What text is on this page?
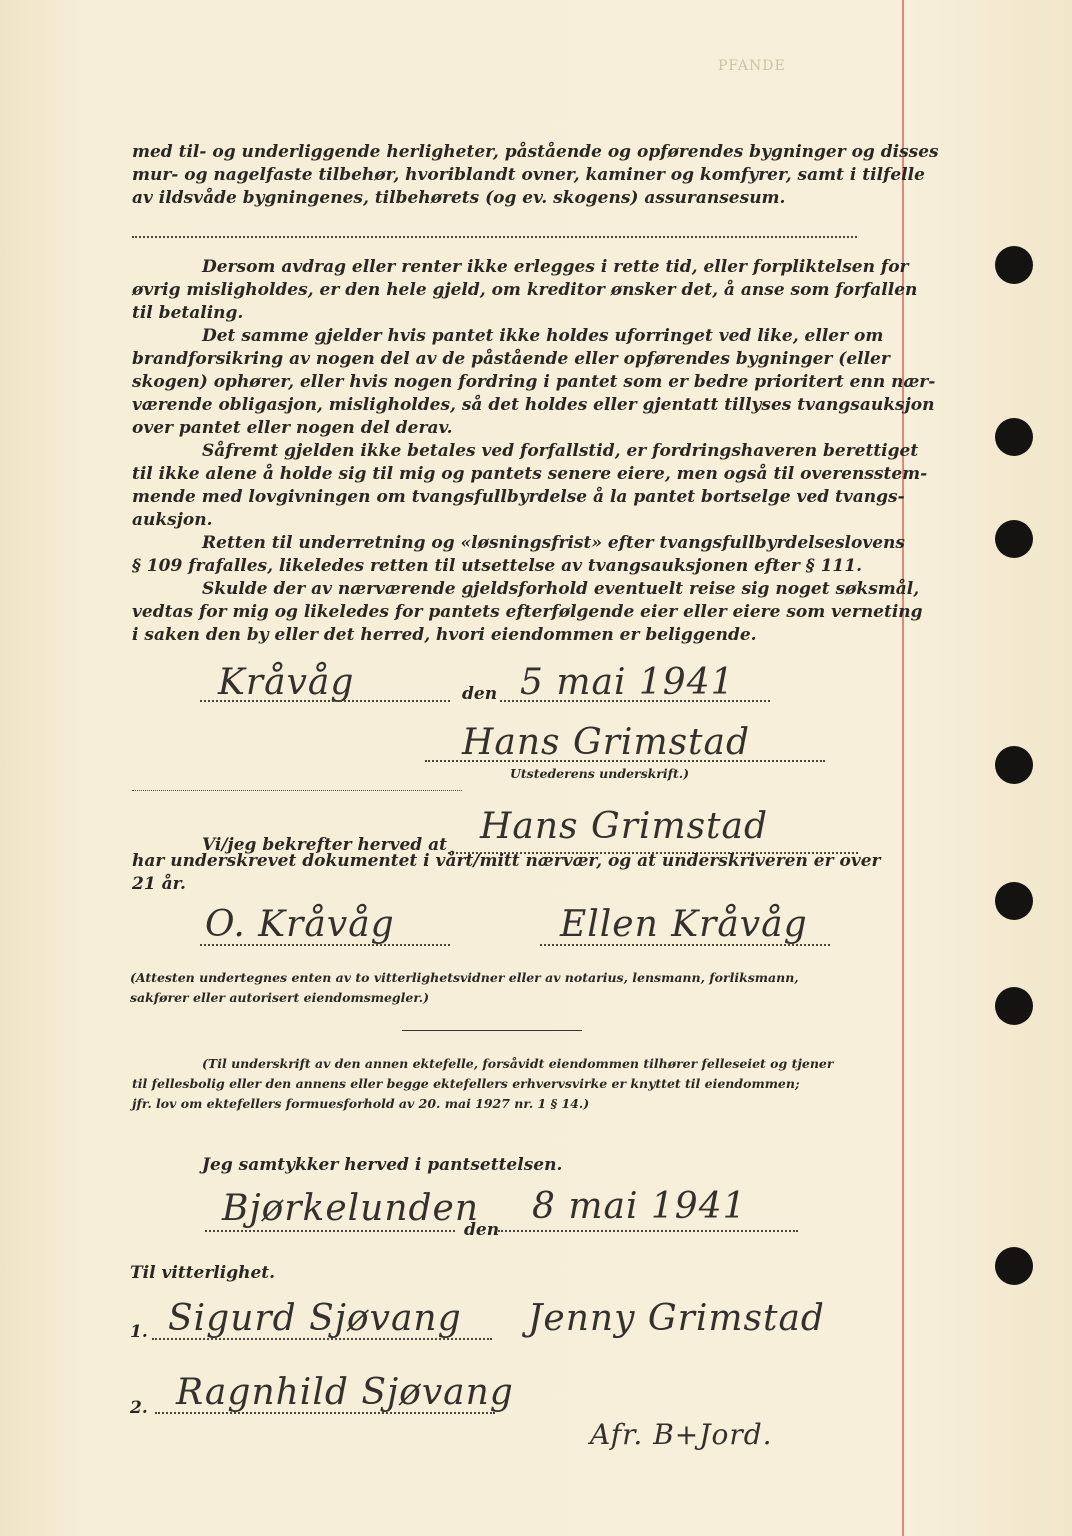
PFANDE
med til- og underliggende herligheter, påstående og opførendes bygninger og disses
mur- og nagelfaste tilbehør, hvoriblandt ovner, kaminer og komfyrer, samt i tilfelle
av ildsvåde bygningenes, tilbehørets (og ev. skogens) assuransesum.
Dersom avdrag eller renter ikke erlegges i rette tid, eller forpliktelsen for
øvrig misligholdes, er den hele gjeld, om kreditor ønsker det, å anse som forfallen
til betaling.
Det samme gjelder hvis pantet ikke holdes uforringet ved like, eller om
brandforsikring av nogen del av de påstående eller opførendes bygninger (eller
skogen) ophører, eller hvis nogen fordring i pantet som er bedre prioritert enn nær-
værende obligasjon, misligholdes, så det holdes eller gjentatt tillyses tvangsauksjon
over pantet eller nogen del derav.
Såfremt gjelden ikke betales ved forfallstid, er fordringshaveren berettiget
til ikke alene å holde sig til mig og pantets senere eiere, men også til overensstem-
mende med lovgivningen om tvangsfullbyrdelse å la pantet bortselge ved tvangs-
auksjon.
Retten til underretning og «løsningsfrist» efter tvangsfullbyrdelseslovens
§ 109 frafalles, likeledes retten til utsettelse av tvangsauksjonen efter § 111.
Skulde der av nærværende gjeldsforhold eventuelt reise sig noget søksmål,
vedtas for mig og likeledes for pantets efterfølgende eier eller eiere som verneting
i saken den by eller det herred, hvori eiendommen er beliggende.
Kråvåg	den 5 mai 1941
Hans Grimstad
Utstederens underskrift.)
Vi/jeg bekrefter herved at Hans Grimstad
har underskrevet dokumentet i vårt/mitt nærvær, og at underskriveren er over
21 år.
O. Kråvåg	Ellen Kråvåg
(Attesten undertegnes enten av to vitterlighetsvidner eller av notarius, lensmann, forliksmann,
sakfører eller autorisert eiendomsmegler.)
(Til underskrift av den annen ektefelle, forsåvidt eiendommen tilhører felleseiet og tjener
til fellesbolig eller den annens eller begge ektefellers erhvervsvirke er knyttet til eiendommen;
jfr. lov om ektefellers formuesforhold av 20. mai 1927 nr. 1 § 14.)
Jeg samtykker herved i pantsettelsen.
Bjørkelunden
den
8 mai 1941
Til vitterlighet.
1. Sigurd Sjøvang Jenny Grimstad
2. Ragnhild Sjøvang
Afr. B+Jord.
